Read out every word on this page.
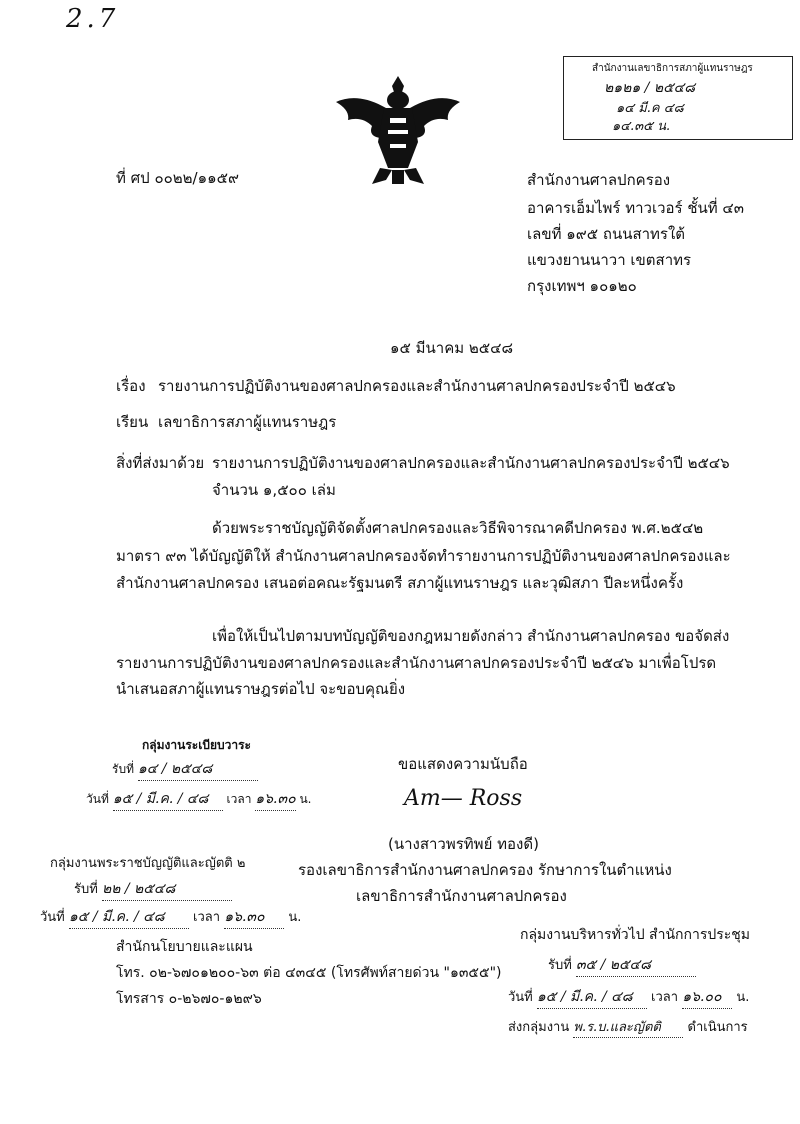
2.7
สำนักงานเลขาธิการสภาผู้แทนราษฎร
๒๑๒๑ / ๒๕๔๘
๑๔ มี.ค ๔๘
๑๔.๓๕ น.
ที่ ศป ๐๐๒๒/๑๑๕๙	สำนักงานศาลปกครอง
อาคารเอ็มไพร์ ทาวเวอร์ ชั้นที่ ๔๓
เลขที่ ๑๙๕ ถนนสาทรใต้
แขวงยานนาวา เขตสาทร
กรุงเทพฯ ๑๐๑๒๐
๑๕ มีนาคม ๒๕๔๘
เรื่อง รายงานการปฏิบัติงานของศาลปกครองและสำนักงานศาลปกครองประจำปี ๒๕๔๖
เรียน เลขาธิการสภาผู้แทนราษฎร
สิ่งที่ส่งมาด้วย รายงานการปฏิบัติงานของศาลปกครองและสำนักงานศาลปกครองประจำปี ๒๕๔๖
จำนวน ๑,๕๐๐ เล่ม
ด้วยพระราชบัญญัติจัดตั้งศาลปกครองและวิธีพิจารณาคดีปกครอง พ.ศ.๒๕๔๒
มาตรา ๙๓ ได้บัญญัติให้ สำนักงานศาลปกครองจัดทำรายงานการปฏิบัติงานของศาลปกครองและ
สำนักงานศาลปกครอง เสนอต่อคณะรัฐมนตรี สภาผู้แทนราษฎร และวุฒิสภา ปีละหนึ่งครั้ง
เพื่อให้เป็นไปตามบทบัญญัติของกฎหมายดังกล่าว สำนักงานศาลปกครอง ขอจัดส่ง
รายงานการปฏิบัติงานของศาลปกครองและสำนักงานศาลปกครองประจำปี ๒๕๔๖ มาเพื่อโปรด
นำเสนอสภาผู้แทนราษฎรต่อไป จะขอบคุณยิ่ง
กลุ่มงานระเบียบวาระ
รับที่ ๑๔ / ๒๕๔๘
วันที่ ๑๕ / มี.ค. / ๔๘ เวลา ๑๖.๓๐ น.
ขอแสดงความนับถือ
Am— Ross
(นางสาวพรทิพย์ ทองดี)
รองเลขาธิการสำนักงานศาลปกครอง รักษาการในตำแหน่ง
เลขาธิการสำนักงานศาลปกครอง
กลุ่มงานพระราชบัญญัติและญัตติ ๒
รับที่ ๒๒ / ๒๕๔๘
วันที่ ๑๕ / มี.ค. / ๔๘ เวลา ๑๖.๓๐ น.
กลุ่มงานบริหารทั่วไป สำนักการประชุม
รับที่ ๓๕ / ๒๕๔๘
วันที่ ๑๕ / มี.ค. / ๔๘ เวลา ๑๖.๐๐ น.
ส่งกลุ่มงาน พ.ร.บ.และญัตติ ดำเนินการ
สำนักนโยบายและแผน
โทร. ๐๒-๖๗๐๑๒๐๐-๖๓ ต่อ ๔๓๔๕ (โทรศัพท์สายด่วน "๑๓๕๕")
โทรสาร ๐-๒๖๗๐-๑๒๙๖
